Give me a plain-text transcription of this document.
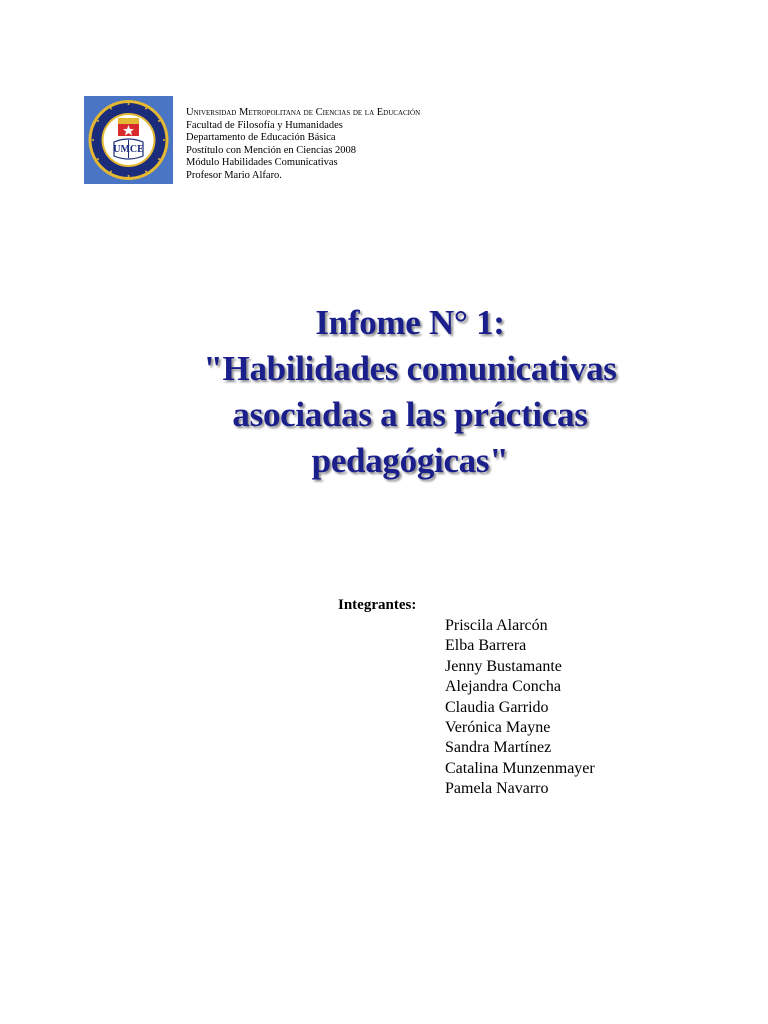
UMCE
Universidad Metropolitana de Ciencias de la Educación
Facultad de Filosofía y Humanidades
Departamento de Educación Básica
Postítulo con Mención en Ciencias 2008
Módulo Habilidades Comunicativas
Profesor Mario Alfaro.
Infome N° 1:
"Habilidades comunicativas
asociadas a las prácticas
pedagógicas"
Integrantes:
Priscila Alarcón
Elba Barrera
Jenny Bustamante
Alejandra Concha
Claudia Garrido
Verónica Mayne
Sandra Martínez
Catalina Munzenmayer
Pamela Navarro
